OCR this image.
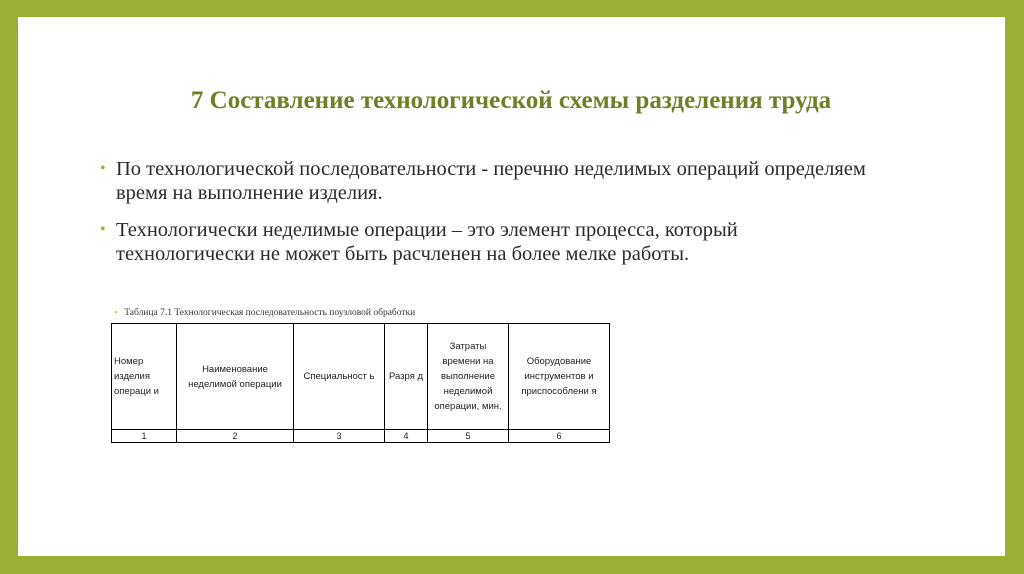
7 Составление технологической схемы разделения труда
• По технологической последовательности - перечню неделимых операций определяем время на выполнение изделия.
• Технологически неделимые операции – это элемент процесса, который технологически не может быть расчленен на более мелке работы.
• Таблица 7.1 Технологическая последовательность поузловой обработки
Номер изделия операци и	Наименование неделимой операции	Специальност ь	Разря д	Затраты времени на выполнение неделимой операции, мин.	Оборудование инструментов и приспособлени я
1	2	3	4	5	6
